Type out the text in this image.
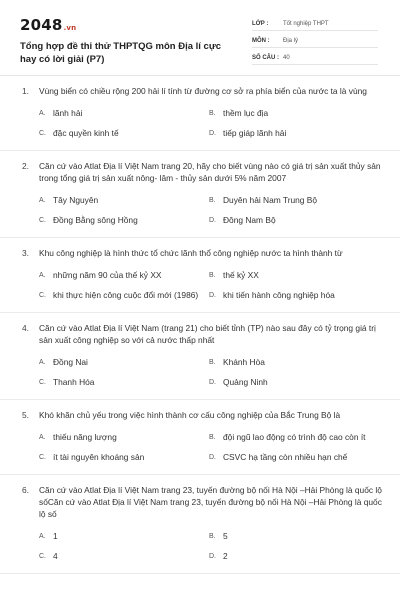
2048.vn
Tổng hợp đề thi thử THPTQG môn Địa lí cực hay có lời giải (P7)
LỚP :	Tốt nghiệp THPT
MÔN :	Địa lý
SỐ CÂU : 40
1.	Vùng biển có chiều rộng 200 hải lí tính từ đường cơ sở ra phía biển của nước ta là vùng
A. lãnh hải	B. thềm lục địa
C. đặc quyền kinh tế	D. tiếp giáp lãnh hải
2.	Căn cứ vào Atlat Địa lí Việt Nam trang 20, hãy cho biết vùng nào có giá trị sản xuất thủy sản trong tổng giá trị sản xuất nông- lâm - thủy sản dưới 5% năm 2007
A. Tây Nguyên	B. Duyên hải Nam Trung Bộ
C. Đồng Bằng sông Hồng	D. Đông Nam Bộ
3.	Khu công nghiệp là hình thức tổ chức lãnh thổ công nghiệp nước ta hình thành từ
A. những năm 90 của thế kỷ XX	B. thế kỷ XX
C. khi thực hiện công cuộc đổi mới (1986)	D. khi tiến hành công nghiệp hóa
4.	Căn cứ vào Atlat Địa lí Việt Nam (trang 21) cho biết tỉnh (TP) nào sau đây có tỷ trọng giá trị sản xuất công nghiệp so với cả nước thấp nhất
A. Đồng Nai	B. Khánh Hòa
C. Thanh Hóa	D. Quảng Ninh
5.	Khó khăn chủ yếu trong việc hình thành cơ cấu công nghiệp của Bắc Trung Bộ là
A. thiếu năng lượng	B. đội ngũ lao động có trình độ cao còn ít
C. ít tài nguyên khoáng sản	D. CSVC hạ tầng còn nhiều hạn chế
6.	Căn cứ vào Atlat Địa lí Việt Nam trang 23, tuyến đường bộ nối Hà Nội –Hải Phòng là quốc lộ sốCăn cứ vào Atlat Địa lí Việt Nam trang 23, tuyến đường bộ nối Hà Nội –Hải Phòng là quốc lộ số
A. 1	B. 5
C. 4	D. 2
